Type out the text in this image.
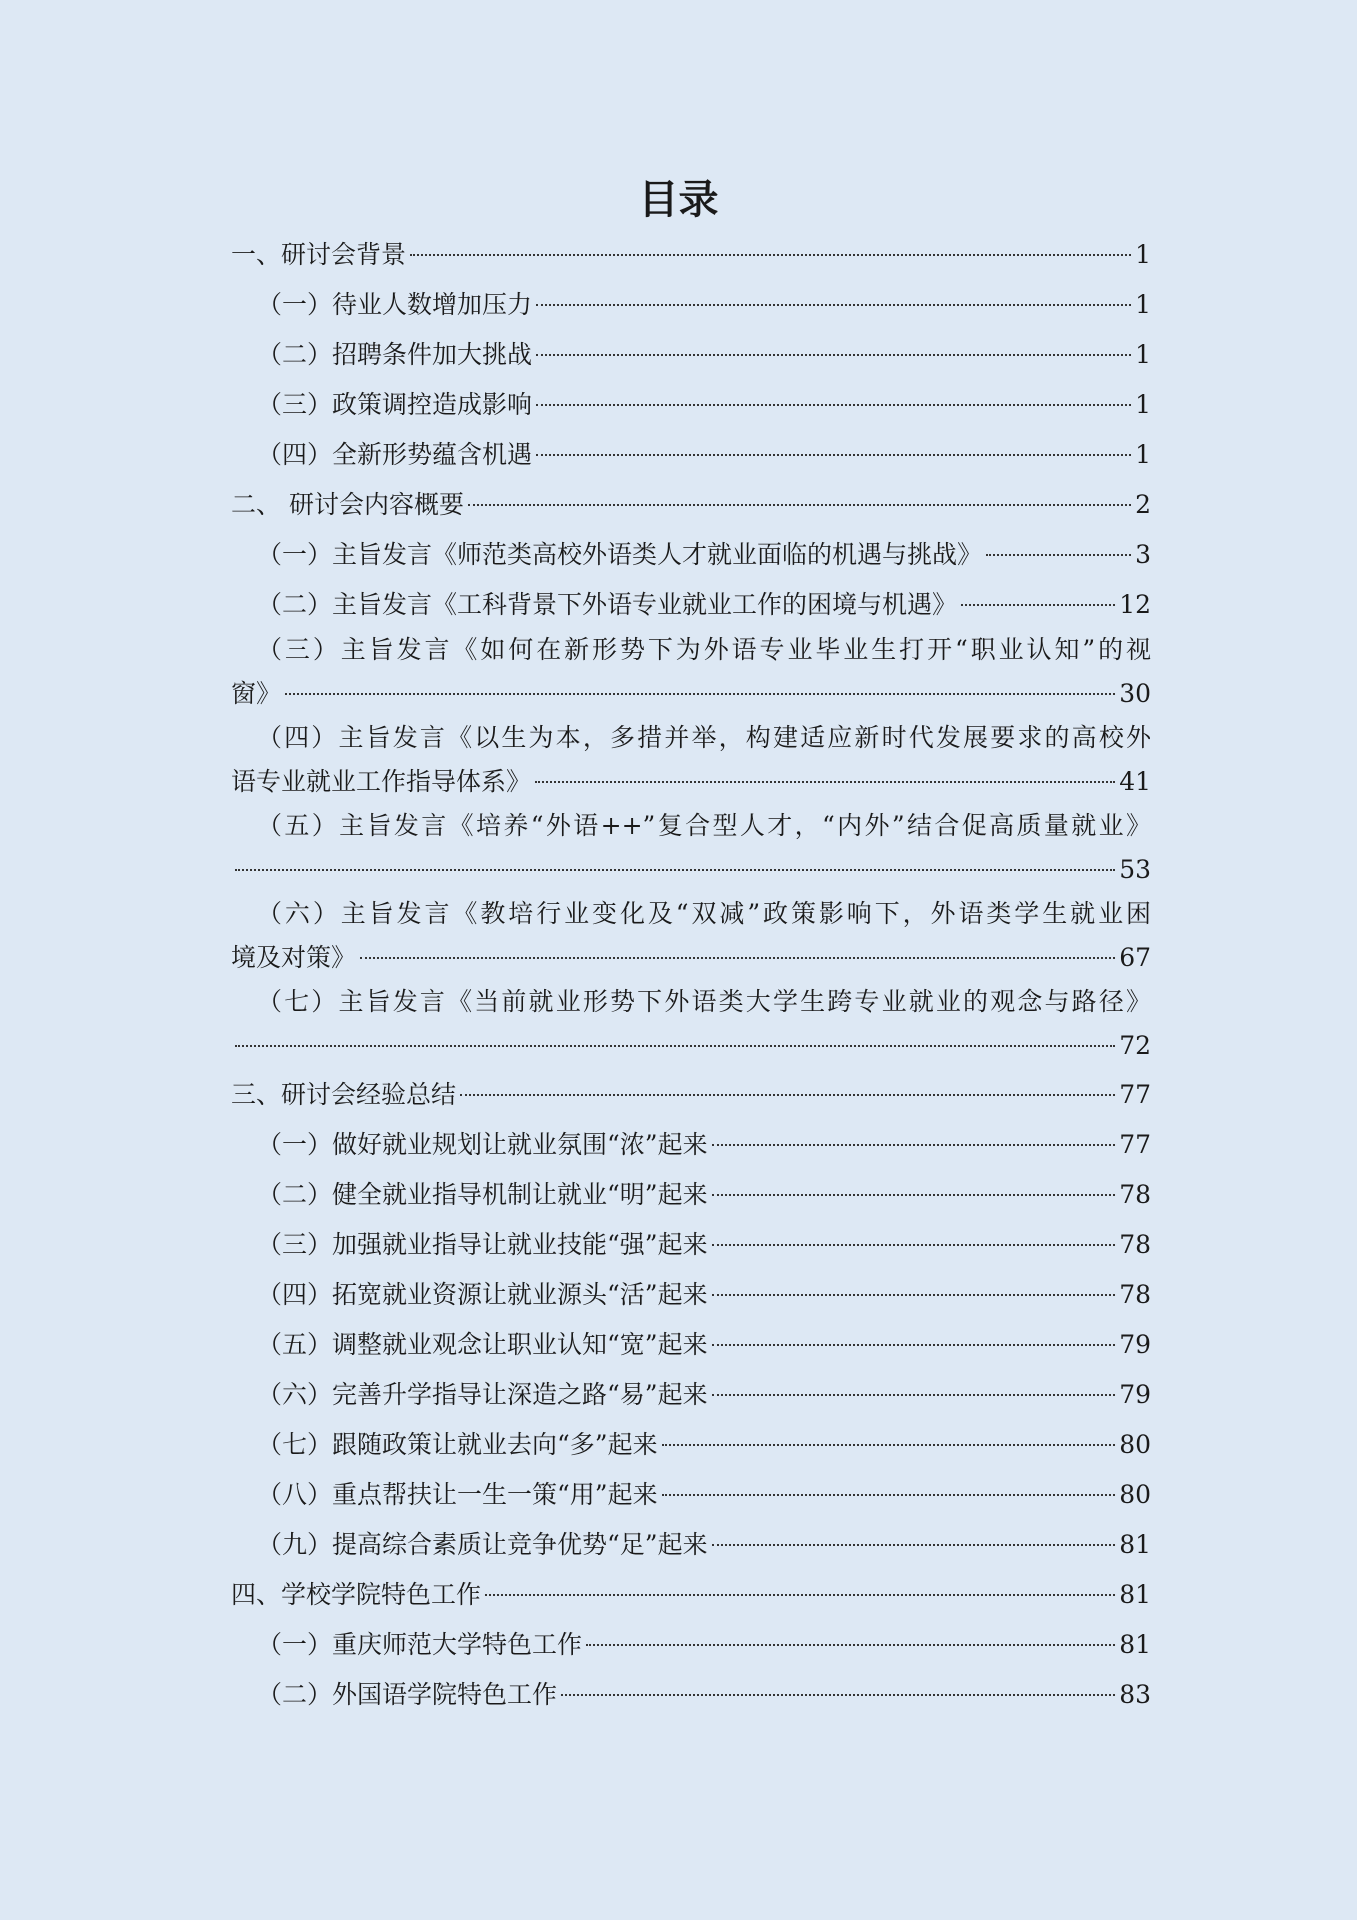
目录
一、研讨会背景	1
（一）待业人数增加压力	1
（二）招聘条件加大挑战	1
（三）政策调控造成影响	1
（四）全新形势蕴含机遇	1
二、 研讨会内容概要	2
（一）主旨发言《师范类高校外语类人才就业面临的机遇与挑战》	3
（二）主旨发言《工科背景下外语专业就业工作的困境与机遇》	12
（三）主旨发言《如何在新形势下为外语专业毕业生打开“职业认知”的视
窗》	30
（四）主旨发言《以生为本，多措并举，构建适应新时代发展要求的高校外
语专业就业工作指导体系》	41
（五）主旨发言《培养“外语++”复合型人才，“内外”结合促高质量就业》
53
（六）主旨发言《教培行业变化及“双减”政策影响下，外语类学生就业困
境及对策》	67
（七）主旨发言《当前就业形势下外语类大学生跨专业就业的观念与路径》
72
三、研讨会经验总结	77
（一）做好就业规划让就业氛围“浓”起来	77
（二）健全就业指导机制让就业“明”起来	78
（三）加强就业指导让就业技能“强”起来	78
（四）拓宽就业资源让就业源头“活”起来	78
（五）调整就业观念让职业认知“宽”起来	79
（六）完善升学指导让深造之路“易”起来	79
（七）跟随政策让就业去向“多”起来	80
（八）重点帮扶让一生一策“用”起来	80
（九）提高综合素质让竞争优势“足”起来	81
四、学校学院特色工作	81
（一）重庆师范大学特色工作	81
（二）外国语学院特色工作	83
